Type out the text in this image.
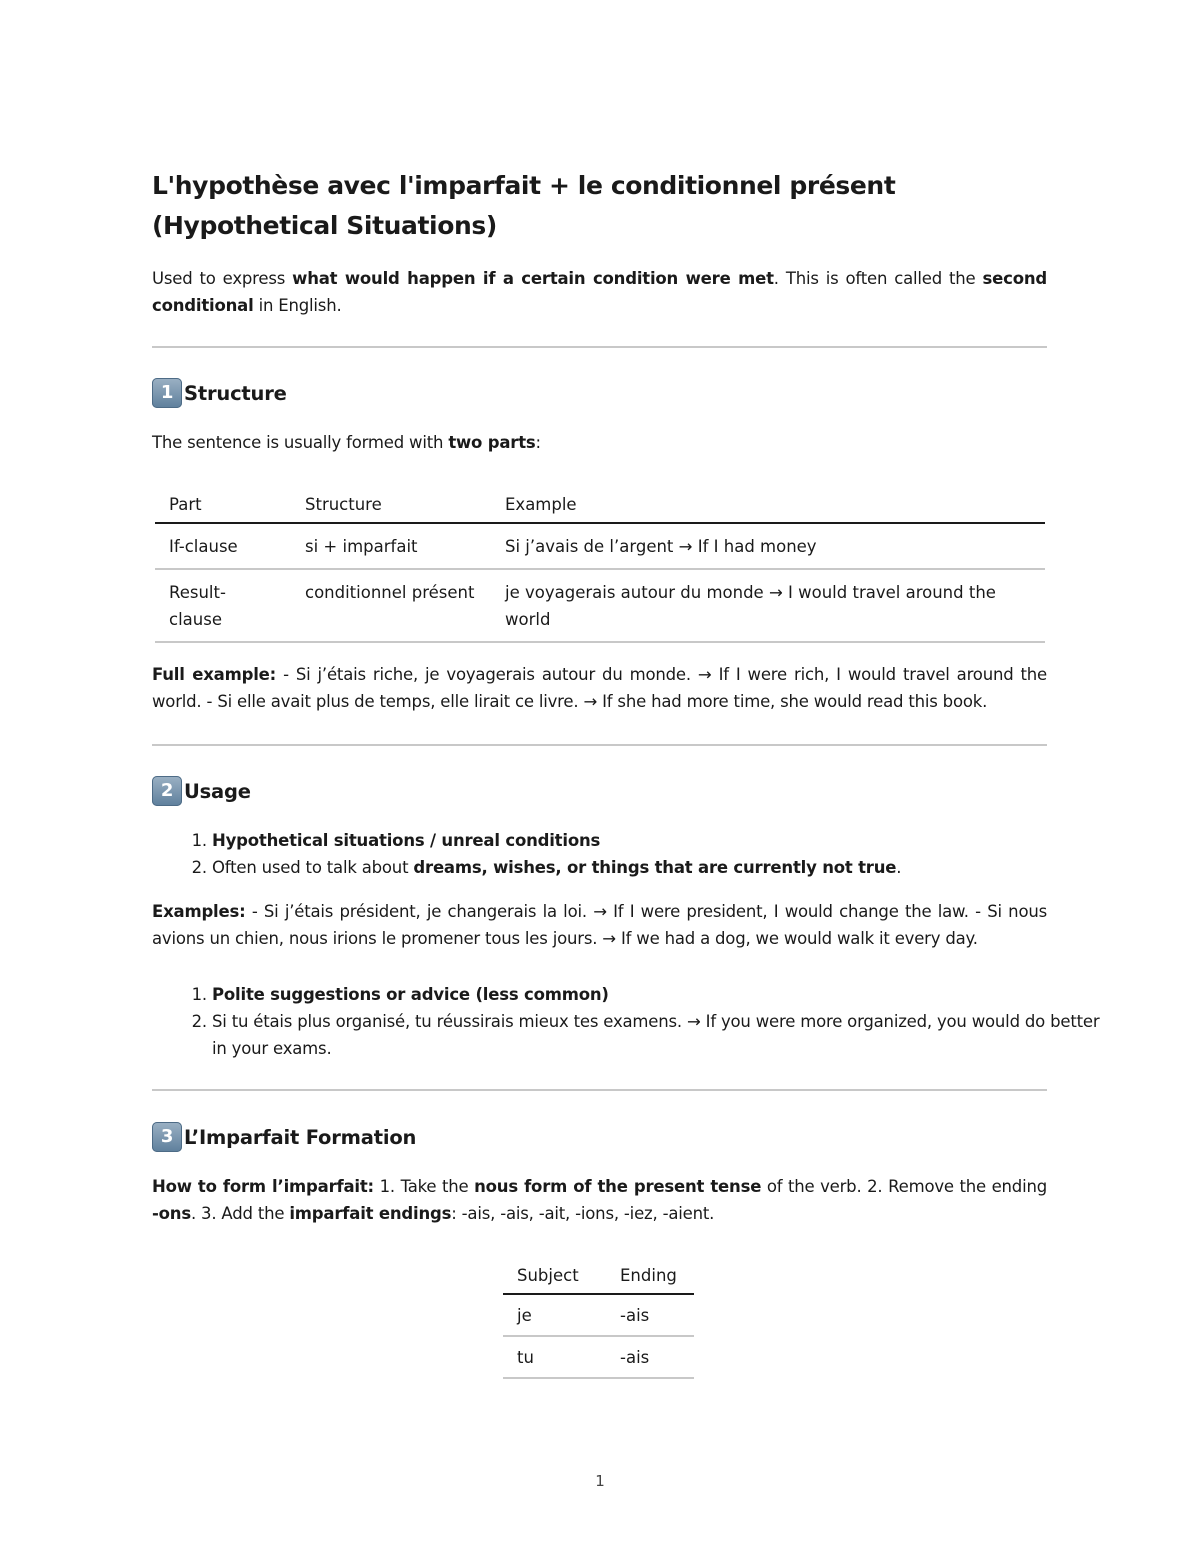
L'hypothèse avec l'imparfait + le conditionnel présent (Hypothetical Situations)

Used to express what would happen if a certain condition were met. This is often called the second conditional in English.

1 Structure

The sentence is usually formed with two parts:

Part	Structure	Example
If-clause	si + imparfait	Si j’avais de l’argent → If I had money
Result-clause	conditionnel présent	je voyagerais autour du monde → I would travel around the world

Full example: - Si j’étais riche, je voyagerais autour du monde. → If I were rich, I would travel around the world. - Si elle avait plus de temps, elle lirait ce livre. → If she had more time, she would read this book.

2 Usage
1. Hypothetical situations / unreal conditions
2. Often used to talk about dreams, wishes, or things that are currently not true.

Examples: - Si j’étais président, je changerais la loi. → If I were president, I would change the law. - Si nous avions un chien, nous irions le promener tous les jours. → If we had a dog, we would walk it every day.

1. Polite suggestions or advice (less common)
2. Si tu étais plus organisé, tu réussirais mieux tes examens. → If you were more organized, you would do better in your exams.
3 L’Imparfait Formation

How to form l’imparfait: 1. Take the nous form of the present tense of the verb. 2. Remove the ending -ons. 3. Add the imparfait endings: -ais, -ais, -ait, -ions, -iez, -aient.

Subject	Ending
je	-ais
tu	-ais
1
